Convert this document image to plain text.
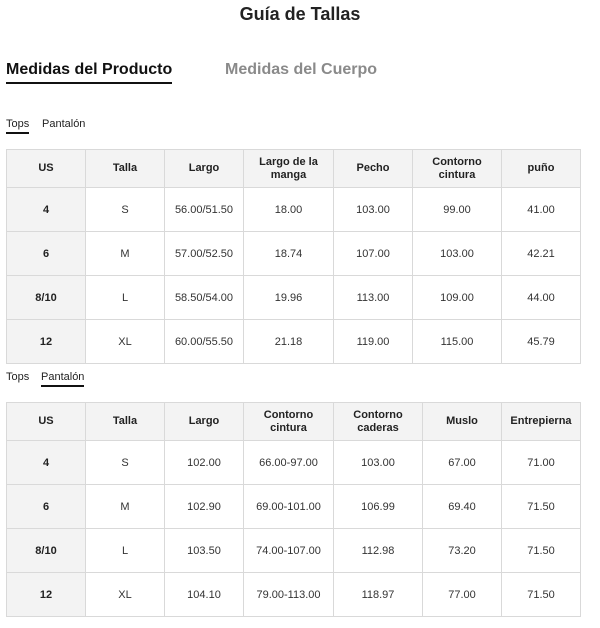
Guía de Tallas
Medidas del Producto	Medidas del Cuerpo
Tops Pantalón
US	Talla	Largo	Largo de la manga	Pecho	Contorno cintura	puño
4	S	56.00/51.50	18.00	103.00	99.00	41.00
6	M	57.00/52.50	18.74	107.00	103.00	42.21
8/10	L	58.50/54.00	19.96	113.00	109.00	44.00
12	XL	60.00/55.50	21.18	119.00	115.00	45.79
Tops Pantalón
US	Talla	Largo	Contorno cintura	Contorno caderas	Muslo	Entrepierna
4	S	102.00	66.00-97.00	103.00	67.00	71.00
6	M	102.90	69.00-101.00	106.99	69.40	71.50
8/10	L	103.50	74.00-107.00	112.98	73.20	71.50
12	XL	104.10	79.00-113.00	118.97	77.00	71.50
